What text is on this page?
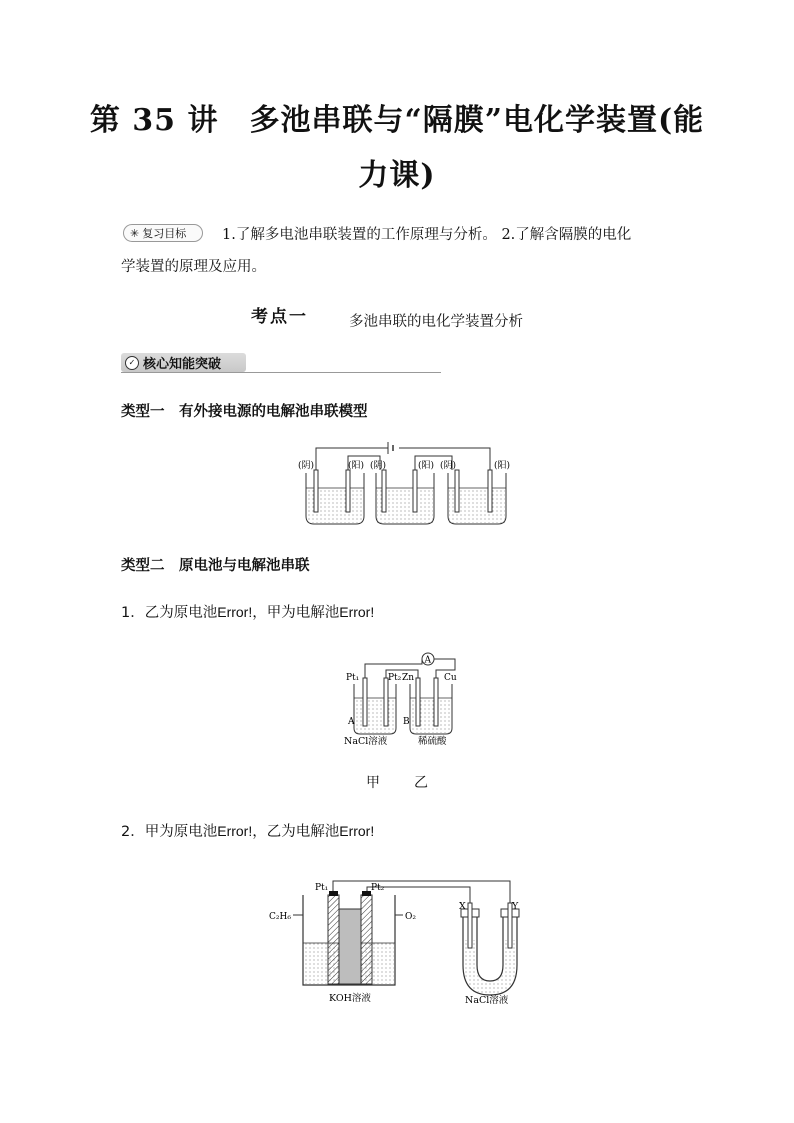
第 35 讲　多池串联与“隔膜”电化学装置(能
力课)
✳ 复习目标 1.了解多电池串联装置的工作原理与分析。 2.了解含隔膜的电化
学装置的原理及应用。
考点一	多池串联的电化学装置分析
✓ 核心知能突破
类型一　有外接电源的电解池串联模型
(阴)	(阳) (阴)	(阳) (阴)	(阳)
类型二　原电池与电解池串联
1．乙为原电池Error!，甲为电解池Error!
A
Pt₁	Pt₂ Zn	Cu
A	B
NaCl溶液	稀硫酸
甲 乙
2．甲为原电池Error!，乙为电解池Error!
Pt₁	Pt₂
C₂H₆	O₂
X	Y
KOH溶液	NaCl溶液
